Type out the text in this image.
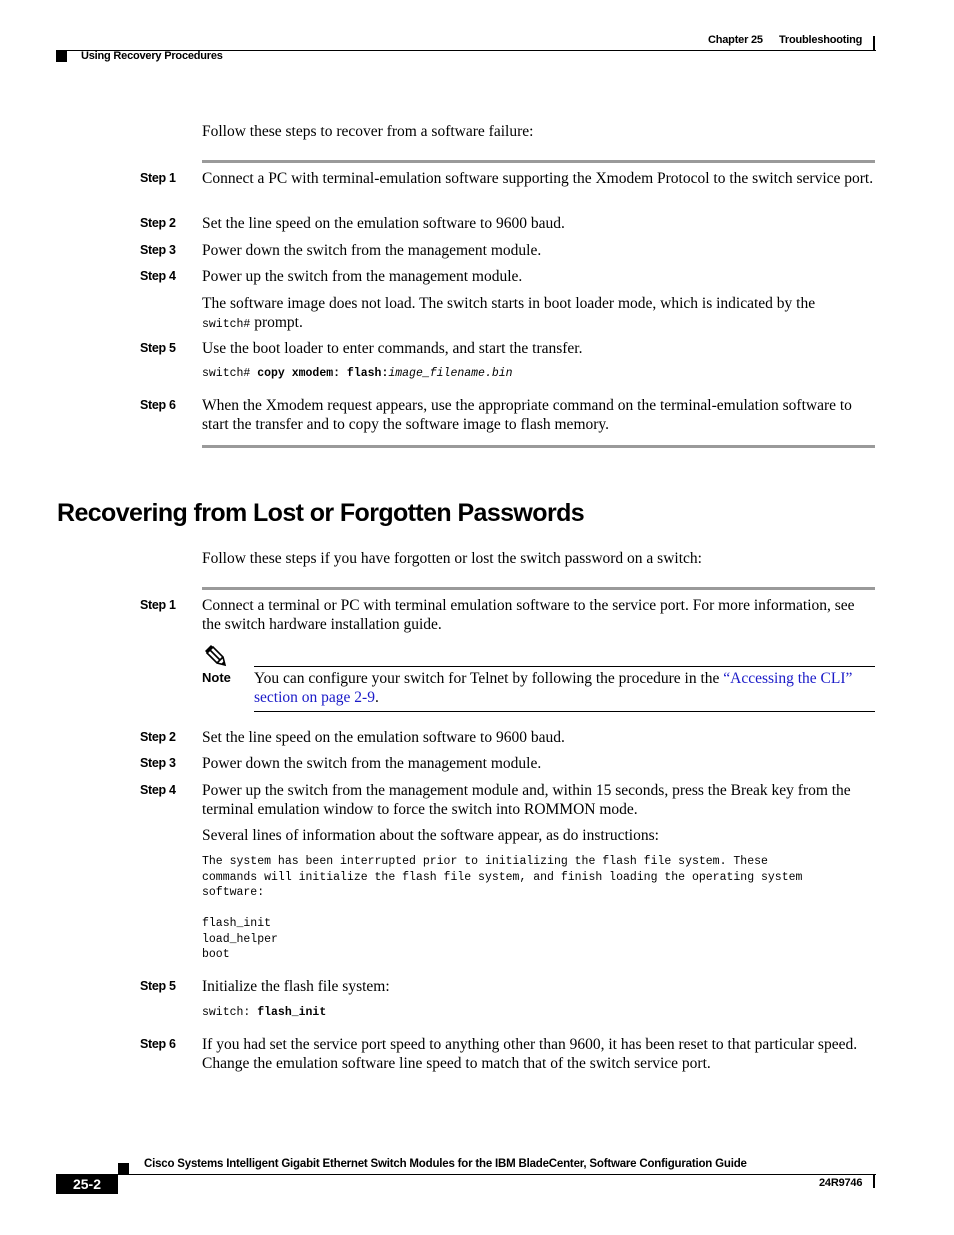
Chapter 25 Troubleshooting
Using Recovery Procedures
Follow these steps to recover from a software failure:
Step 1 Connect a PC with terminal-emulation software supporting the Xmodem Protocol to the switch service port.
Step 2 Set the line speed on the emulation software to 9600 baud.
Step 3 Power down the switch from the management module.
Step 4 Power up the switch from the management module.
The software image does not load. The switch starts in boot loader mode, which is indicated by the
switch# prompt.
Step 5 Use the boot loader to enter commands, and start the transfer.
switch# copy xmodem: flash:image_filename.bin
Step 6 When the Xmodem request appears, use the appropriate command on the terminal-emulation software to start the transfer and to copy the software image to flash memory.
Recovering from Lost or Forgotten Passwords
Follow these steps if you have forgotten or lost the switch password on a switch:
Step 1 Connect a terminal or PC with terminal emulation software to the service port. For more information, see the switch hardware installation guide.
Note You can configure your switch for Telnet by following the procedure in the “Accessing the CLI” section on page 2-9.
Step 2 Set the line speed on the emulation software to 9600 baud.
Step 3 Power down the switch from the management module.
Step 4 Power up the switch from the management module and, within 15 seconds, press the Break key from the terminal emulation window to force the switch into ROMMON mode.
Several lines of information about the software appear, as do instructions:
The system has been interrupted prior to initializing the flash file system. These
commands will initialize the flash file system, and finish loading the operating system
software:
flash_init
load_helper
boot
Step 5 Initialize the flash file system:
switch: flash_init
Step 6 If you had set the service port speed to anything other than 9600, it has been reset to that particular speed. Change the emulation software line speed to match that of the switch service port.
Cisco Systems Intelligent Gigabit Ethernet Switch Modules for the IBM BladeCenter, Software Configuration Guide
25-2	24R9746
